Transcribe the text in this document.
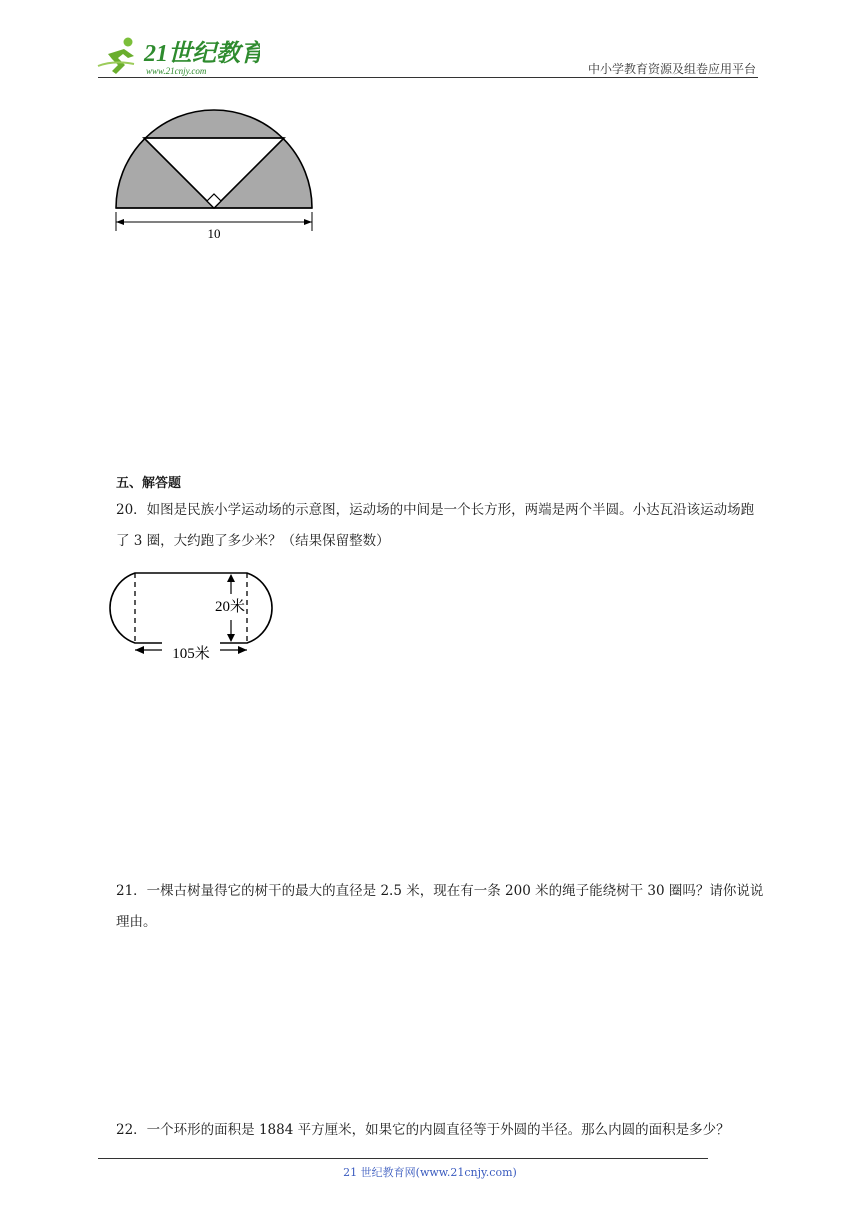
21世纪教育
www.21cnjy.com	中小学教育资源及组卷应用平台
10
五、解答题
20．如图是民族小学运动场的示意图，运动场的中间是一个长方形，两端是两个半圆。小达瓦沿该运动场跑了 3 圈，大约跑了多少米？（结果保留整数）
20米
105米
21．一棵古树量得它的树干的最大的直径是 2.5 米，现在有一条 200 米的绳子能绕树干 30 圈吗？请你说说理由。
22．一个环形的面积是 1884 平方厘米，如果它的内圆直径等于外圆的半径。那么内圆的面积是多少？
21 世纪教育网(www.21cnjy.com)
